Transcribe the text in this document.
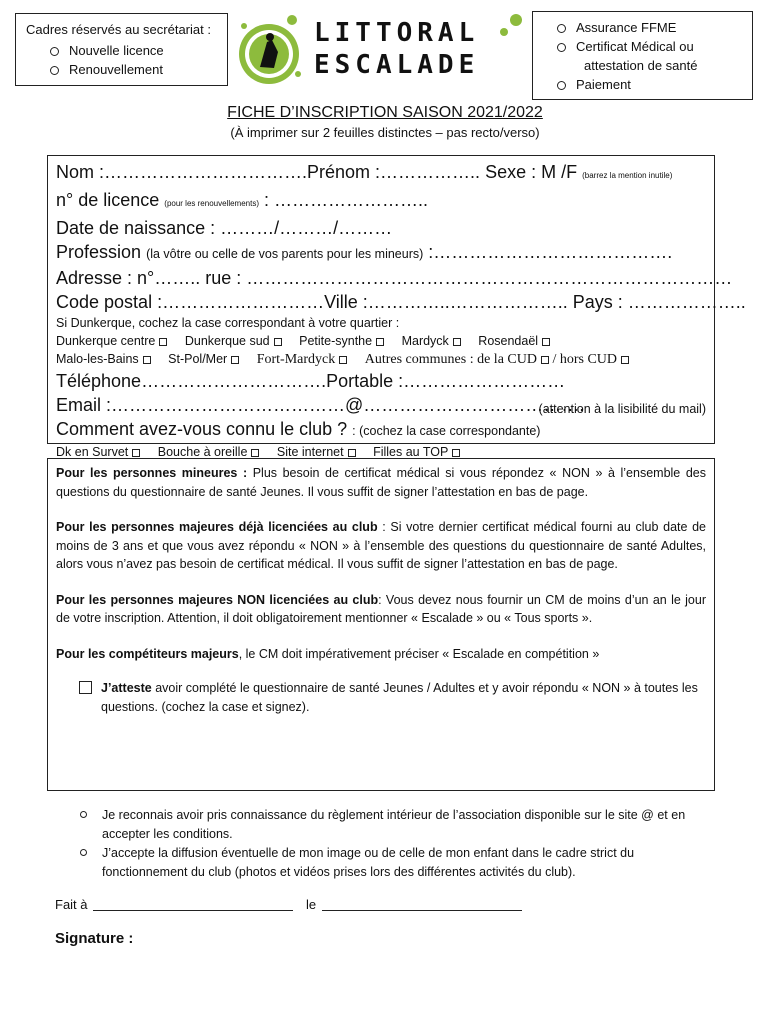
Cadres réservés au secrétariat :
Nouvelle licence
Renouvellement
LITTORAL
ESCALADE
Assurance FFME
Certificat Médical ou
attestation de santé
Paiement
FICHE D’INSCRIPTION SAISON 2021/2022
(À imprimer sur 2 feuilles distinctes – pas recto/verso)
Nom :…………………………….Prénom :…………….. Sexe : M /F (barrez la mention inutile)
n° de licence (pour les renouvellements) : ……………………..
Date de naissance : ………/………/………
Profession (la vôtre ou celle de vos parents pour les mineurs) :………………………………….
Adresse : n°…….. rue : ………………………………………………………………………
Code postal :………………………Ville :…………..……………….. Pays : ………………..
Si Dunkerque, cochez la case correspondant à votre quartier :
Dunkerque centre Dunkerque sud Petite-synthe Mardyck Rosendaël
Malo-les-Bains St-Pol/Mer Fort-Mardyck Autres communes : de la CUD / hors CUD
Téléphone………………………….Portable :………………………
Email :…………………………………@……………………………….
(attention à la lisibilité du mail)
Comment avez-vous connu le club ? : (cochez la case correspondante)
Dk en Survet Bouche à oreille Site internet Filles au TOP

Pour les personnes mineures : Plus besoin de certificat médical si vous répondez « NON » à l’ensemble des questions du questionnaire de santé Jeunes. Il vous suffit de signer l’attestation en bas de page.

Pour les personnes majeures déjà licenciées au club : Si votre dernier certificat médical fourni au club date de moins de 3 ans et que vous avez répondu « NON » à l’ensemble des questions du questionnaire de santé Adultes, alors vous n’avez pas besoin de certificat médical. Il vous suffit de signer l’attestation en bas de page.

Pour les personnes majeures NON licenciées au club: Vous devez nous fournir un CM de moins d’un an le jour de votre inscription. Attention, il doit obligatoirement mentionner « Escalade » ou « Tous sports ».

Pour les compétiteurs majeurs, le CM doit impérativement préciser « Escalade en compétition »

J’atteste avoir complété le questionnaire de santé Jeunes / Adultes et y avoir répondu « NON » à toutes les questions. (cochez la case et signez).
Je reconnais avoir pris connaissance du règlement intérieur de l’association disponible sur le site @ et en accepter les conditions.
J’accepte la diffusion éventuelle de mon image ou de celle de mon enfant dans le cadre strict du fonctionnement du club (photos et vidéos prises lors des différentes activités du club).
Fait à	le
Signature :
